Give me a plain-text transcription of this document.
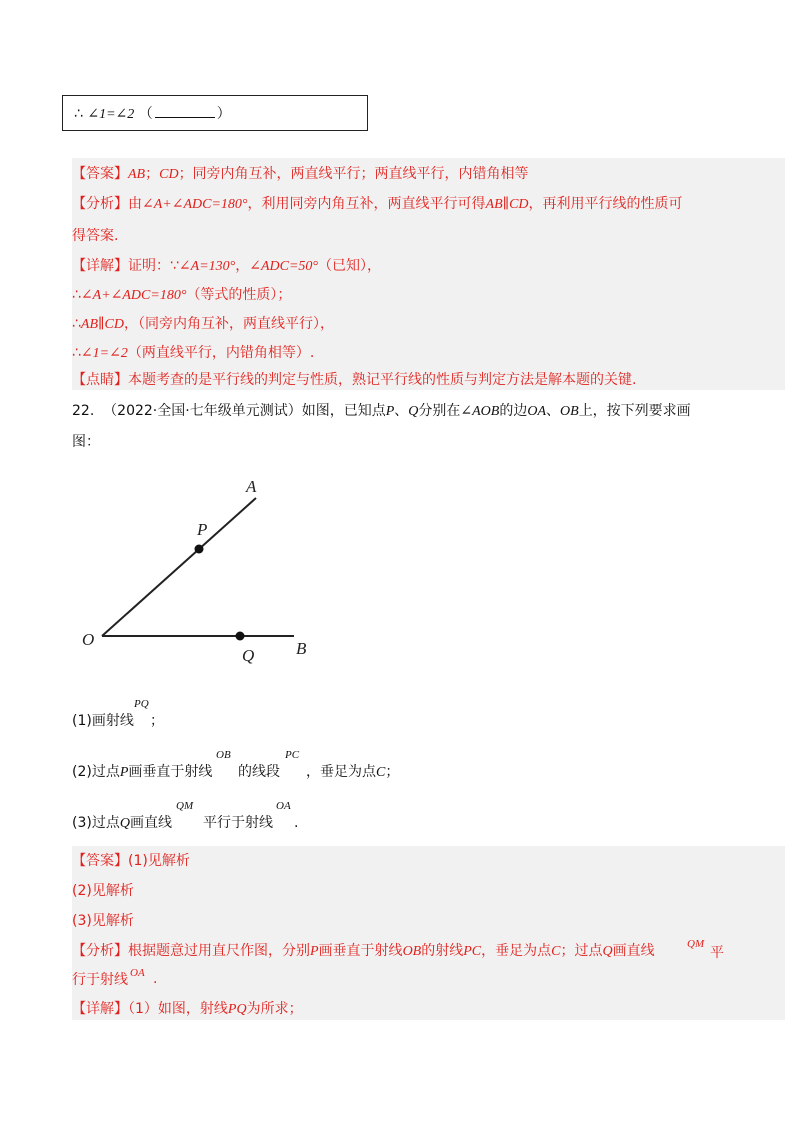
∴ ∠1=∠2 （	）
【答案】AB；CD；同旁内角互补，两直线平行；两直线平行，内错角相等
【分析】由∠A+∠ADC=180°，利用同旁内角互补，两直线平行可得AB∥CD，再利用平行线的性质可
得答案.
【详解】证明：∵∠A=130°，∠ADC=50°（已知），
∴∠A+∠ADC=180°（等式的性质）；
∴AB∥CD，（同旁内角互补，两直线平行），
∴∠1=∠2（两直线平行，内错角相等）.
【点睛】本题考查的是平行线的判定与性质，熟记平行线的性质与判定方法是解本题的关键.
22. （2022·全国·七年级单元测试）如图，已知点P、Q分别在∠AOB的边OA、OB上，按下列要求画
图：
A
P
O
Q B
(1)画射线
PQ
；
(2)过点P画垂直于射线
OB
的线段
PC
，垂足为点C；
(3)过点Q画直线
QM
平行于射线
OA
.
【答案】(1)见解析
(2)见解析
(3)见解析
【分析】根据题意过用直尺作图，分别P画垂直于射线OB的射线PC，垂足为点C；过点Q画直线	QM
平
行于射线 OA .
【详解】（1）如图，射线PQ为所求；
